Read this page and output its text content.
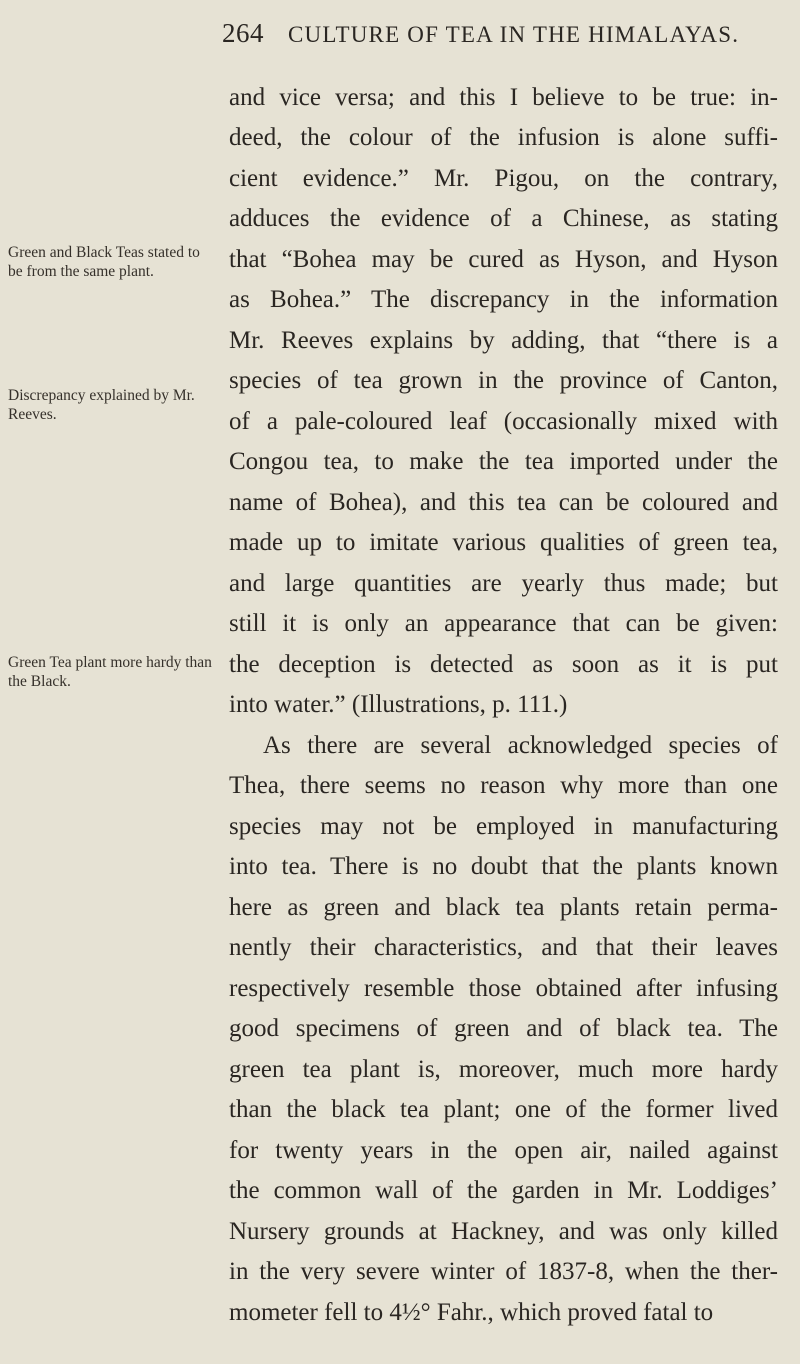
264 CULTURE OF TEA IN THE HIMALAYAS.
Green and Black Teas stated to be from the same plant.
Discrepancy explained by Mr. Reeves.
Green Tea plant more hardy than the Black.
and vice versa; and this I believe to be true: in-
deed, the colour of the infusion is alone suffi-
cient evidence.” Mr. Pigou, on the contrary,
adduces the evidence of a Chinese, as stating
that “Bohea may be cured as Hyson, and Hyson
as Bohea.” The discrepancy in the information
Mr. Reeves explains by adding, that “there is a
species of tea grown in the province of Canton,
of a pale-coloured leaf (occasionally mixed with
Congou tea, to make the tea imported under the
name of Bohea), and this tea can be coloured and
made up to imitate various qualities of green tea,
and large quantities are yearly thus made; but
still it is only an appearance that can be given:
the deception is detected as soon as it is put
into water.” (Illustrations, p. 111.)
As there are several acknowledged species of
Thea, there seems no reason why more than one
species may not be employed in manufacturing
into tea. There is no doubt that the plants known
here as green and black tea plants retain perma-
nently their characteristics, and that their leaves
respectively resemble those obtained after infusing
good specimens of green and of black tea. The
green tea plant is, moreover, much more hardy
than the black tea plant; one of the former lived
for twenty years in the open air, nailed against
the common wall of the garden in Mr. Loddiges’
Nursery grounds at Hackney, and was only killed
in the very severe winter of 1837-8, when the ther-
mometer fell to 4½° Fahr., which proved fatal to
